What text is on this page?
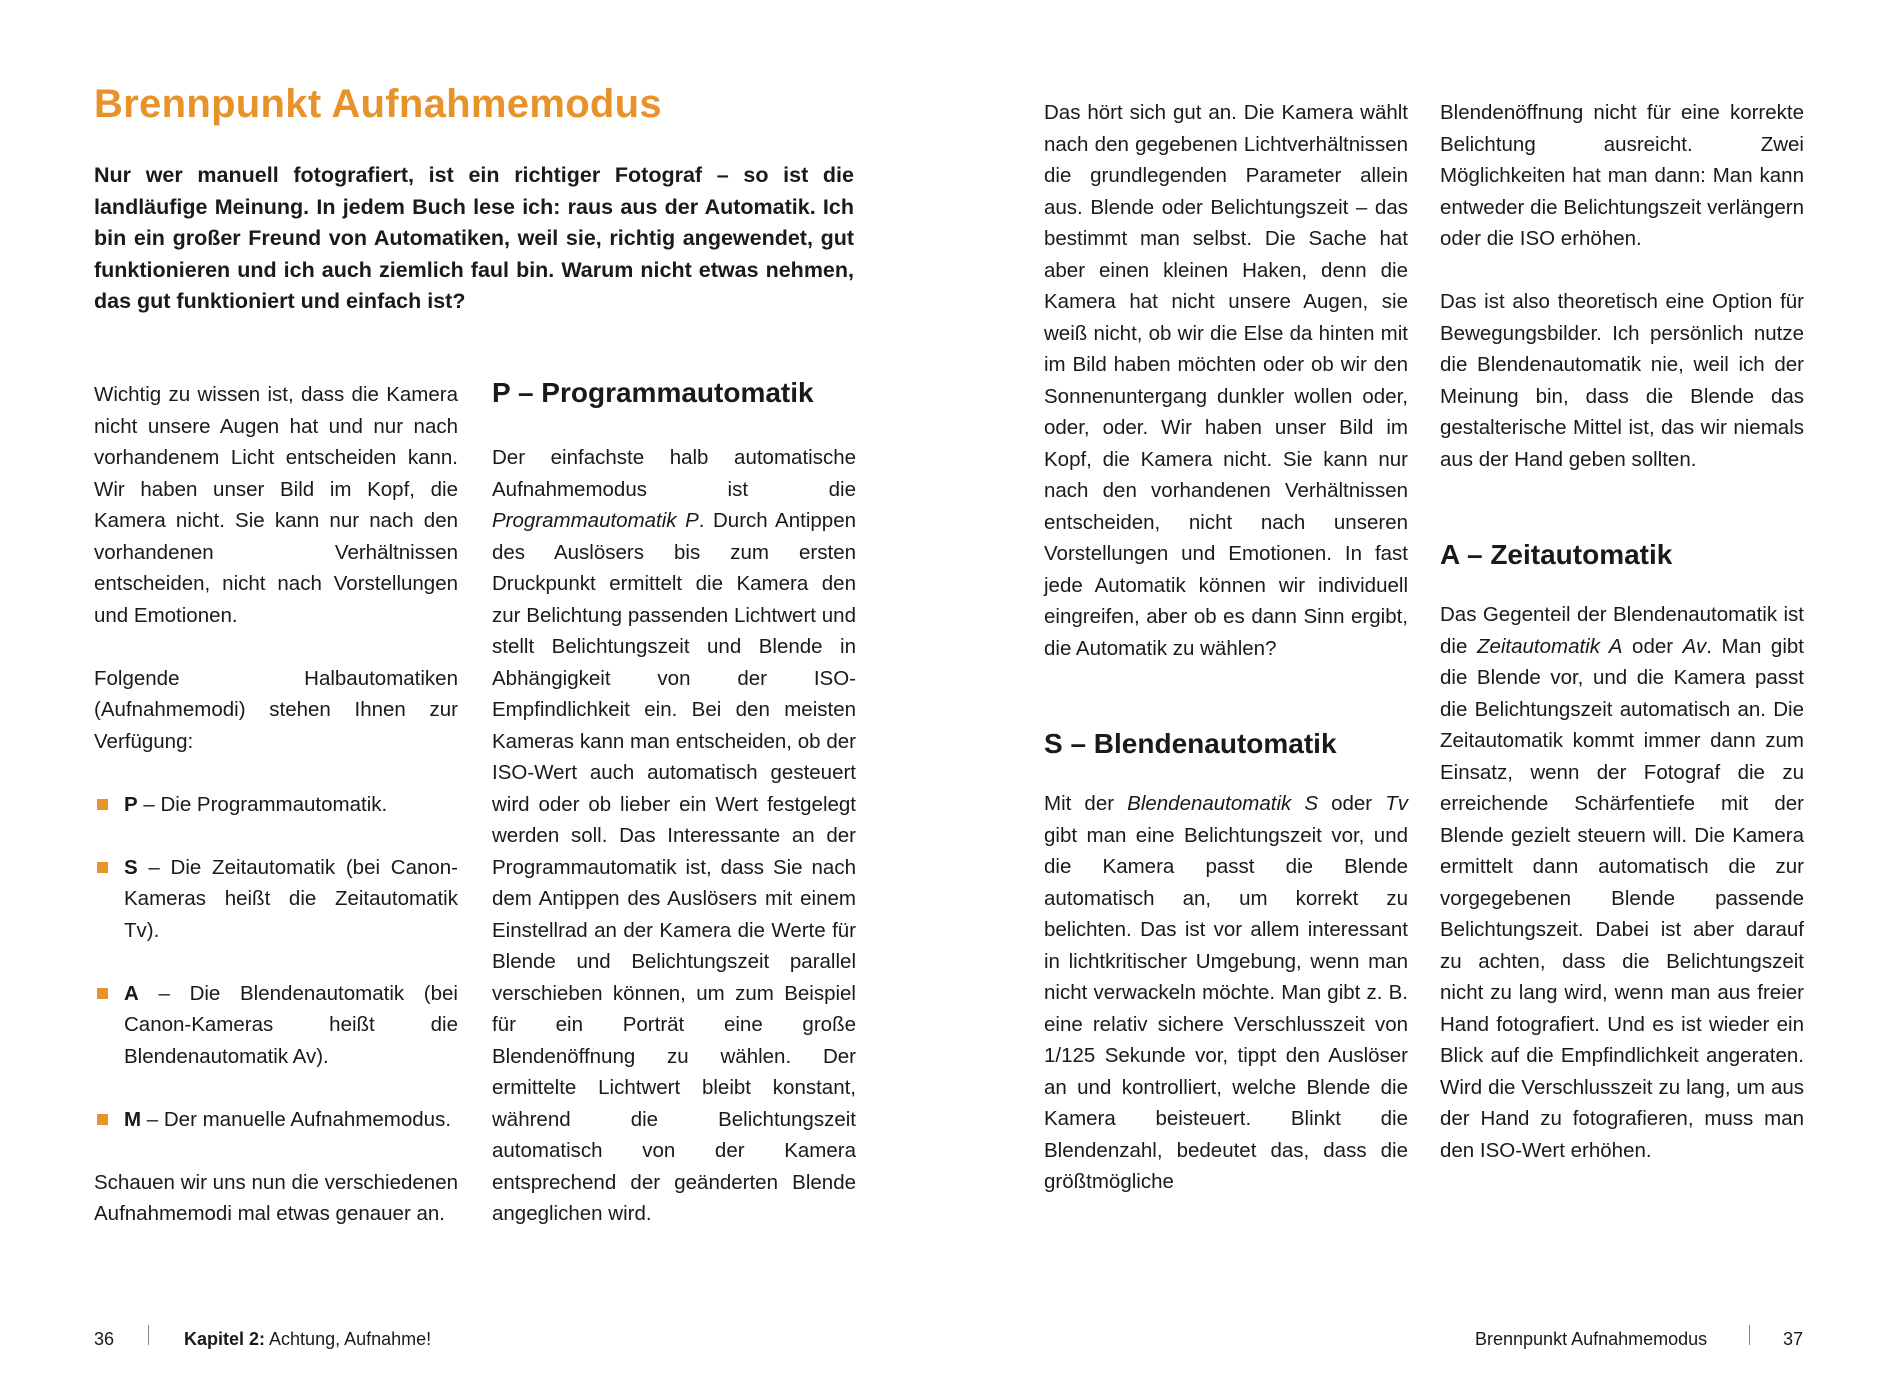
Brennpunkt Aufnahmemodus

Nur wer manuell fotografiert, ist ein richtiger Fotograf – so ist die landläufige Meinung. In jedem Buch lese ich: raus aus der Automatik. Ich bin ein großer Freund von Automatiken, weil sie, richtig angewendet, gut funktionieren und ich auch ziemlich faul bin. Warum nicht etwas nehmen, das gut funktioniert und einfach ist?

Wichtig zu wissen ist, dass die Kamera nicht unsere Augen hat und nur nach vorhandenem Licht entscheiden kann. Wir haben unser Bild im Kopf, die Kamera nicht. Sie kann nur nach den vorhandenen Verhältnissen entscheiden, nicht nach Vorstellungen und Emotionen.

Folgende Halbautomatiken (Aufnahmemodi) stehen Ihnen zur Verfügung:

P – Die Programmautomatik.
S – Die Zeitautomatik (bei Canon-Kameras heißt die Zeitautomatik Tv).
A – Die Blendenautomatik (bei Canon-Kameras heißt die Blendenautomatik Av).
M – Der manuelle Aufnahmemodus.

Schauen wir uns nun die verschiedenen Aufnahmemodi mal etwas genauer an.

P – Programmautomatik

Der einfachste halb automatische Aufnahmemodus ist die Programmautomatik P. Durch Antippen des Auslösers bis zum ersten Druckpunkt ermittelt die Kamera den zur Belichtung passenden Lichtwert und stellt Belichtungszeit und Blende in Abhängigkeit von der ISO-Empfindlichkeit ein. Bei den meisten Kameras kann man entscheiden, ob der ISO-Wert auch automatisch gesteuert wird oder ob lieber ein Wert festgelegt werden soll. Das Interessante an der Programmautomatik ist, dass Sie nach dem Antippen des Auslösers mit einem Einstellrad an der Kamera die Werte für Blende und Belichtungszeit parallel verschieben können, um zum Beispiel für ein Porträt eine große Blendenöffnung zu wählen. Der ermittelte Lichtwert bleibt konstant, während die Belichtungszeit automatisch von der Kamera entsprechend der geänderten Blende angeglichen wird.

36	Kapitel 2: Achtung, Aufnahme!

Das hört sich gut an. Die Kamera wählt nach den gegebenen Lichtverhältnissen die grundlegenden Parameter allein aus. Blende oder Belichtungszeit – das bestimmt man selbst. Die Sache hat aber einen kleinen Haken, denn die Kamera hat nicht unsere Augen, sie weiß nicht, ob wir die Else da hinten mit im Bild haben möchten oder ob wir den Sonnenuntergang dunkler wollen oder, oder, oder. Wir haben unser Bild im Kopf, die Kamera nicht. Sie kann nur nach den vorhandenen Verhältnissen entscheiden, nicht nach unseren Vorstellungen und Emotionen. In fast jede Automatik können wir individuell eingreifen, aber ob es dann Sinn ergibt, die Automatik zu wählen?

S – Blendenautomatik

Mit der Blendenautomatik S oder Tv gibt man eine Belichtungszeit vor, und die Kamera passt die Blende automatisch an, um korrekt zu belichten. Das ist vor allem interessant in lichtkritischer Umgebung, wenn man nicht verwackeln möchte. Man gibt z. B. eine relativ sichere Verschlusszeit von 1/125 Sekunde vor, tippt den Auslöser an und kontrolliert, welche Blende die Kamera beisteuert. Blinkt die Blendenzahl, bedeutet das, dass die größtmögliche

Blendenöffnung nicht für eine korrekte Belichtung ausreicht. Zwei Möglichkeiten hat man dann: Man kann entweder die Belichtungszeit verlängern oder die ISO erhöhen.

Das ist also theoretisch eine Option für Bewegungsbilder. Ich persönlich nutze die Blendenautomatik nie, weil ich der Meinung bin, dass die Blende das gestalterische Mittel ist, das wir niemals aus der Hand geben sollten.

A – Zeitautomatik

Das Gegenteil der Blendenautomatik ist die Zeitautomatik A oder Av. Man gibt die Blende vor, und die Kamera passt die Belichtungszeit automatisch an. Die Zeitautomatik kommt immer dann zum Einsatz, wenn der Fotograf die zu erreichende Schärfentiefe mit der Blende gezielt steuern will. Die Kamera ermittelt dann automatisch die zur vorgegebenen Blende passende Belichtungszeit. Dabei ist aber darauf zu achten, dass die Belichtungszeit nicht zu lang wird, wenn man aus freier Hand fotografiert. Und es ist wieder ein Blick auf die Empfindlichkeit angeraten. Wird die Verschlusszeit zu lang, um aus der Hand zu fotografieren, muss man den ISO-Wert erhöhen.

Brennpunkt Aufnahmemodus	37
